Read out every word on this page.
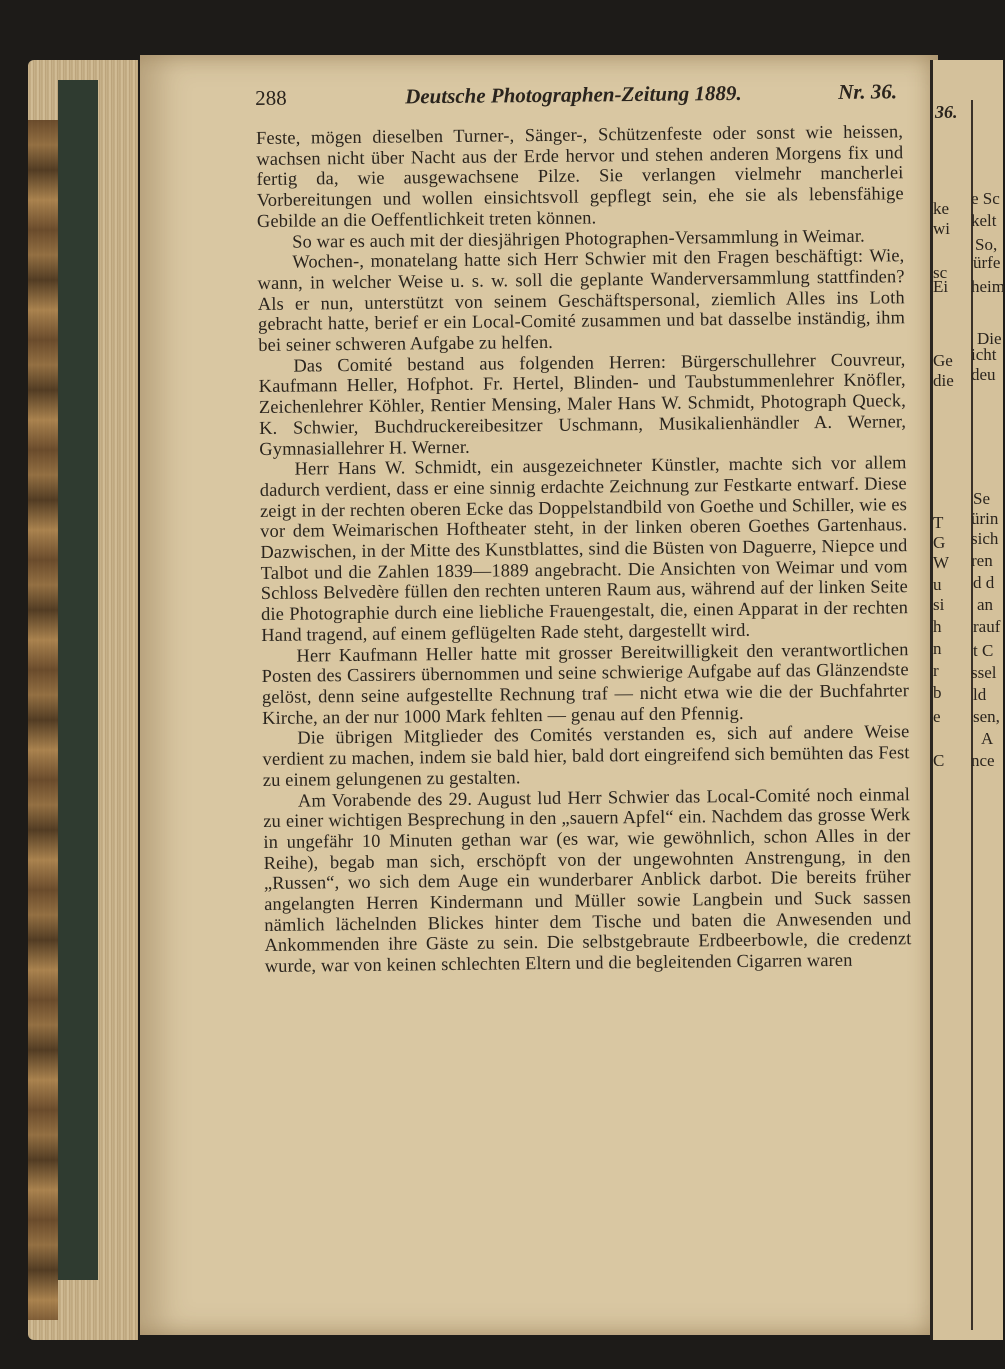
288	Deutsche Photographen-Zeitung 1889.	Nr. 36.

Feste, mögen dieselben Turner-, Sänger-, Schützenfeste oder sonst wie heissen, wachsen nicht über Nacht aus der Erde hervor und stehen anderen Morgens fix und fertig da, wie ausgewachsene Pilze. Sie verlangen vielmehr mancherlei Vorbereitungen und wollen einsichtsvoll gepflegt sein, ehe sie als lebensfähige Gebilde an die Oeffentlichkeit treten können.

So war es auch mit der diesjährigen Photographen-Versammlung in Weimar.

Wochen-, monatelang hatte sich Herr Schwier mit den Fragen beschäftigt: Wie, wann, in welcher Weise u. s. w. soll die geplante Wanderversammlung stattfinden? Als er nun, unterstützt von seinem Geschäftspersonal, ziemlich Alles ins Loth gebracht hatte, berief er ein Local-Comité zusammen und bat dasselbe inständig, ihm bei seiner schweren Aufgabe zu helfen.

Das Comité bestand aus folgenden Herren: Bürgerschullehrer Couvreur, Kaufmann Heller, Hofphot. Fr. Hertel, Blinden- und Taubstummenlehrer Knöfler, Zeichenlehrer Köhler, Rentier Mensing, Maler Hans W. Schmidt, Photograph Queck, K. Schwier, Buchdruckereibesitzer Uschmann, Musikalienhändler A. Werner, Gymnasiallehrer H. Werner.

Herr Hans W. Schmidt, ein ausgezeichneter Künstler, machte sich vor allem dadurch verdient, dass er eine sinnig erdachte Zeichnung zur Festkarte entwarf. Diese zeigt in der rechten oberen Ecke das Doppelstandbild von Goethe und Schiller, wie es vor dem Weimarischen Hoftheater steht, in der linken oberen Goethes Gartenhaus. Dazwischen, in der Mitte des Kunstblattes, sind die Büsten von Daguerre, Niepce und Talbot und die Zahlen 1839—1889 angebracht. Die Ansichten von Weimar und vom Schloss Belvedère füllen den rechten unteren Raum aus, während auf der linken Seite die Photographie durch eine liebliche Frauengestalt, die, einen Apparat in der rechten Hand tragend, auf einem geflügelten Rade steht, dargestellt wird.

Herr Kaufmann Heller hatte mit grosser Bereitwilligkeit den verantwortlichen Posten des Cassirers übernommen und seine schwierige Aufgabe auf das Glänzendste gelöst, denn seine aufgestellte Rechnung traf — nicht etwa wie die der Buchfahrter Kirche, an der nur 1000 Mark fehlten — genau auf den Pfennig.

Die übrigen Mitglieder des Comités verstanden es, sich auf andere Weise verdient zu machen, indem sie bald hier, bald dort eingreifend sich bemühten das Fest zu einem gelungenen zu gestalten.

Am Vorabende des 29. August lud Herr Schwier das Local-Comité noch einmal zu einer wichtigen Besprechung in den „sauern Apfel“ ein. Nachdem das grosse Werk in ungefähr 10 Minuten gethan war (es war, wie gewöhnlich, schon Alles in der Reihe), begab man sich, erschöpft von der ungewohnten Anstrengung, in den „Russen“, wo sich dem Auge ein wunderbarer Anblick darbot. Die bereits früher angelangten Herren Kindermann und Müller sowie Langbein und Suck sassen nämlich lächelnden Blickes hinter dem Tische und baten die Anwesenden und Ankommenden ihre Gäste zu sein. Die selbstgebraute Erdbeerbowle, die credenzt wurde, war von keinen schlechten Eltern und die begleitenden Cigarren waren

36.
ke
e Sc
wi kelt
So,
sc
ürfe
Ei heim
Die
Ge icht
die deu
Se
T ürin
G sich
W ren
u d d
si an
h rauf
n t C
r ssel
b ld
e sen,
A
C nce
